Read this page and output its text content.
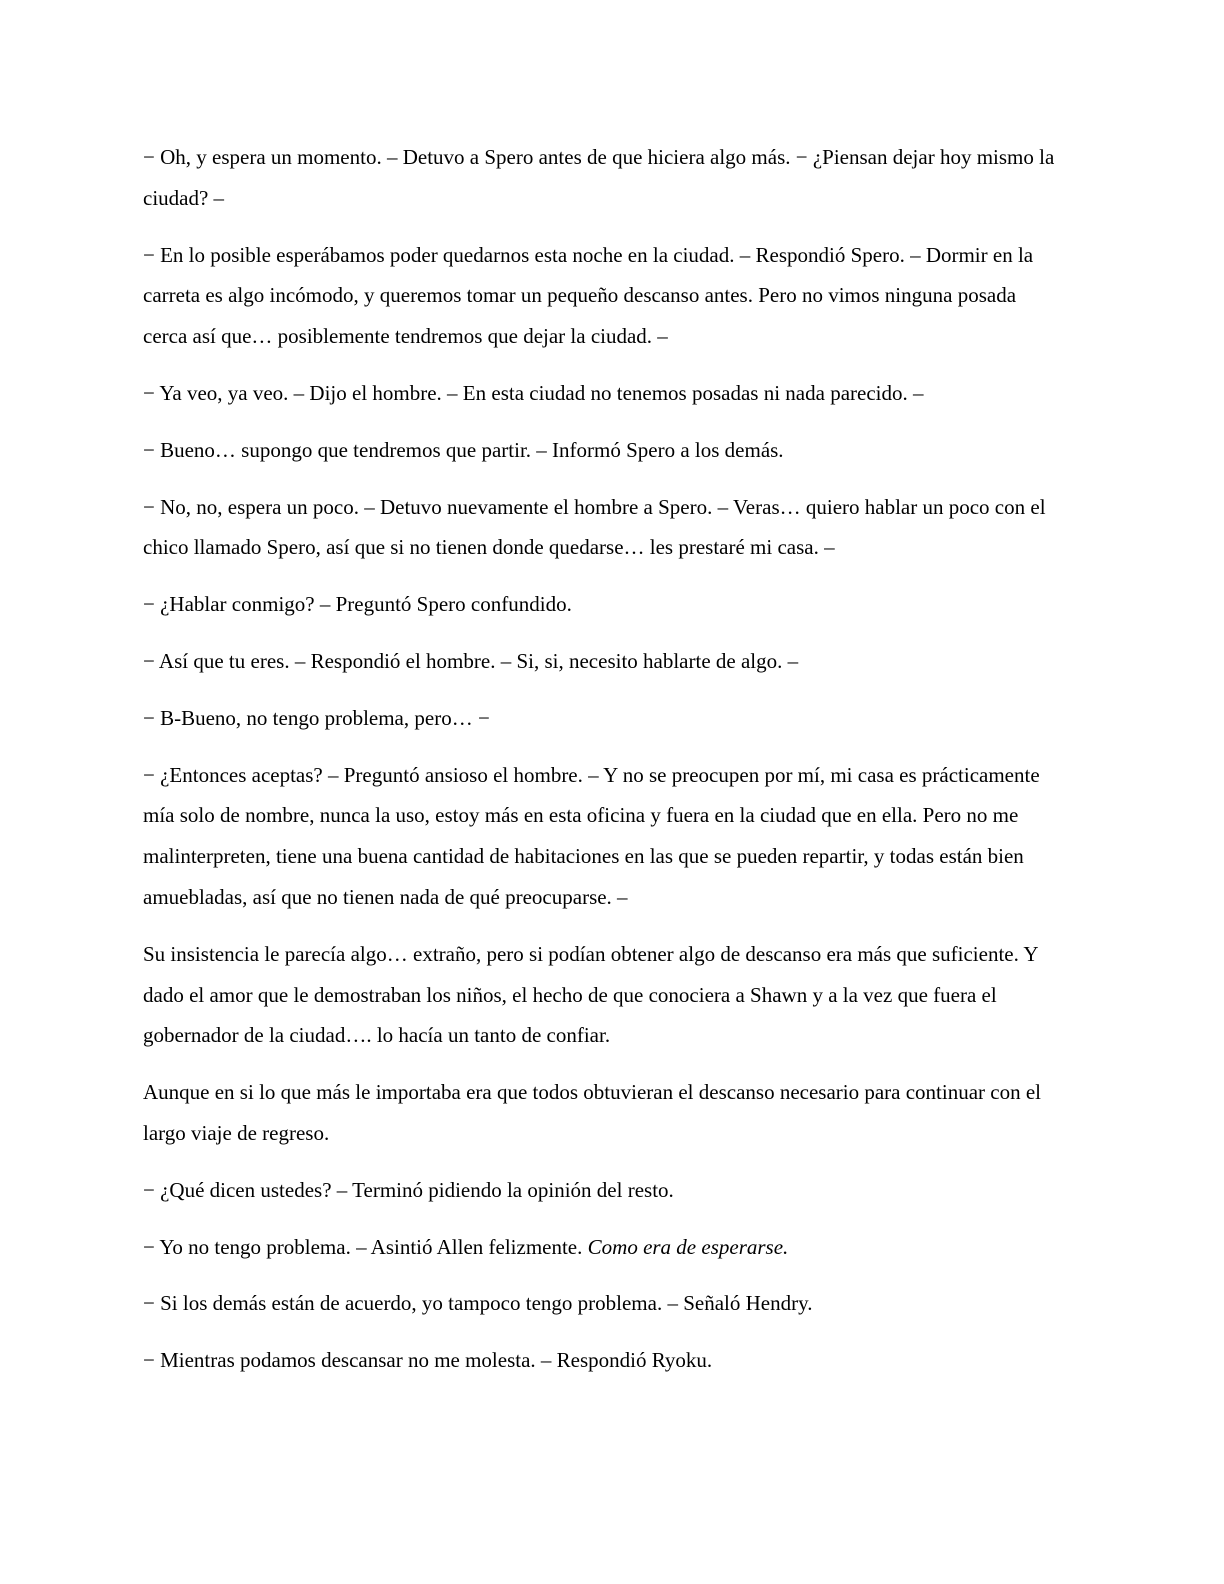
− Oh, y espera un momento. – Detuvo a Spero antes de que hiciera algo más. − ¿Piensan dejar hoy mismo la ciudad? –

− En lo posible esperábamos poder quedarnos esta noche en la ciudad. – Respondió Spero. – Dormir en la carreta es algo incómodo, y queremos tomar un pequeño descanso antes. Pero no vimos ninguna posada cerca así que… posiblemente tendremos que dejar la ciudad. –

− Ya veo, ya veo. – Dijo el hombre. – En esta ciudad no tenemos posadas ni nada parecido. –

− Bueno… supongo que tendremos que partir. – Informó Spero a los demás.

− No, no, espera un poco. – Detuvo nuevamente el hombre a Spero. – Veras… quiero hablar un poco con el chico llamado Spero, así que si no tienen donde quedarse… les prestaré mi casa. –

− ¿Hablar conmigo? – Preguntó Spero confundido.

− Así que tu eres. – Respondió el hombre. – Si, si, necesito hablarte de algo. –

− B-Bueno, no tengo problema, pero… −

− ¿Entonces aceptas? – Preguntó ansioso el hombre. – Y no se preocupen por mí, mi casa es prácticamente mía solo de nombre, nunca la uso, estoy más en esta oficina y fuera en la ciudad que en ella. Pero no me malinterpreten, tiene una buena cantidad de habitaciones en las que se pueden repartir, y todas están bien amuebladas, así que no tienen nada de qué preocuparse. –

Su insistencia le parecía algo… extraño, pero si podían obtener algo de descanso era más que suficiente. Y dado el amor que le demostraban los niños, el hecho de que conociera a Shawn y a la vez que fuera el gobernador de la ciudad…. lo hacía un tanto de confiar.

Aunque en si lo que más le importaba era que todos obtuvieran el descanso necesario para continuar con el largo viaje de regreso.

− ¿Qué dicen ustedes? – Terminó pidiendo la opinión del resto.

− Yo no tengo problema. – Asintió Allen felizmente. Como era de esperarse.

− Si los demás están de acuerdo, yo tampoco tengo problema. – Señaló Hendry.

− Mientras podamos descansar no me molesta. – Respondió Ryoku.
